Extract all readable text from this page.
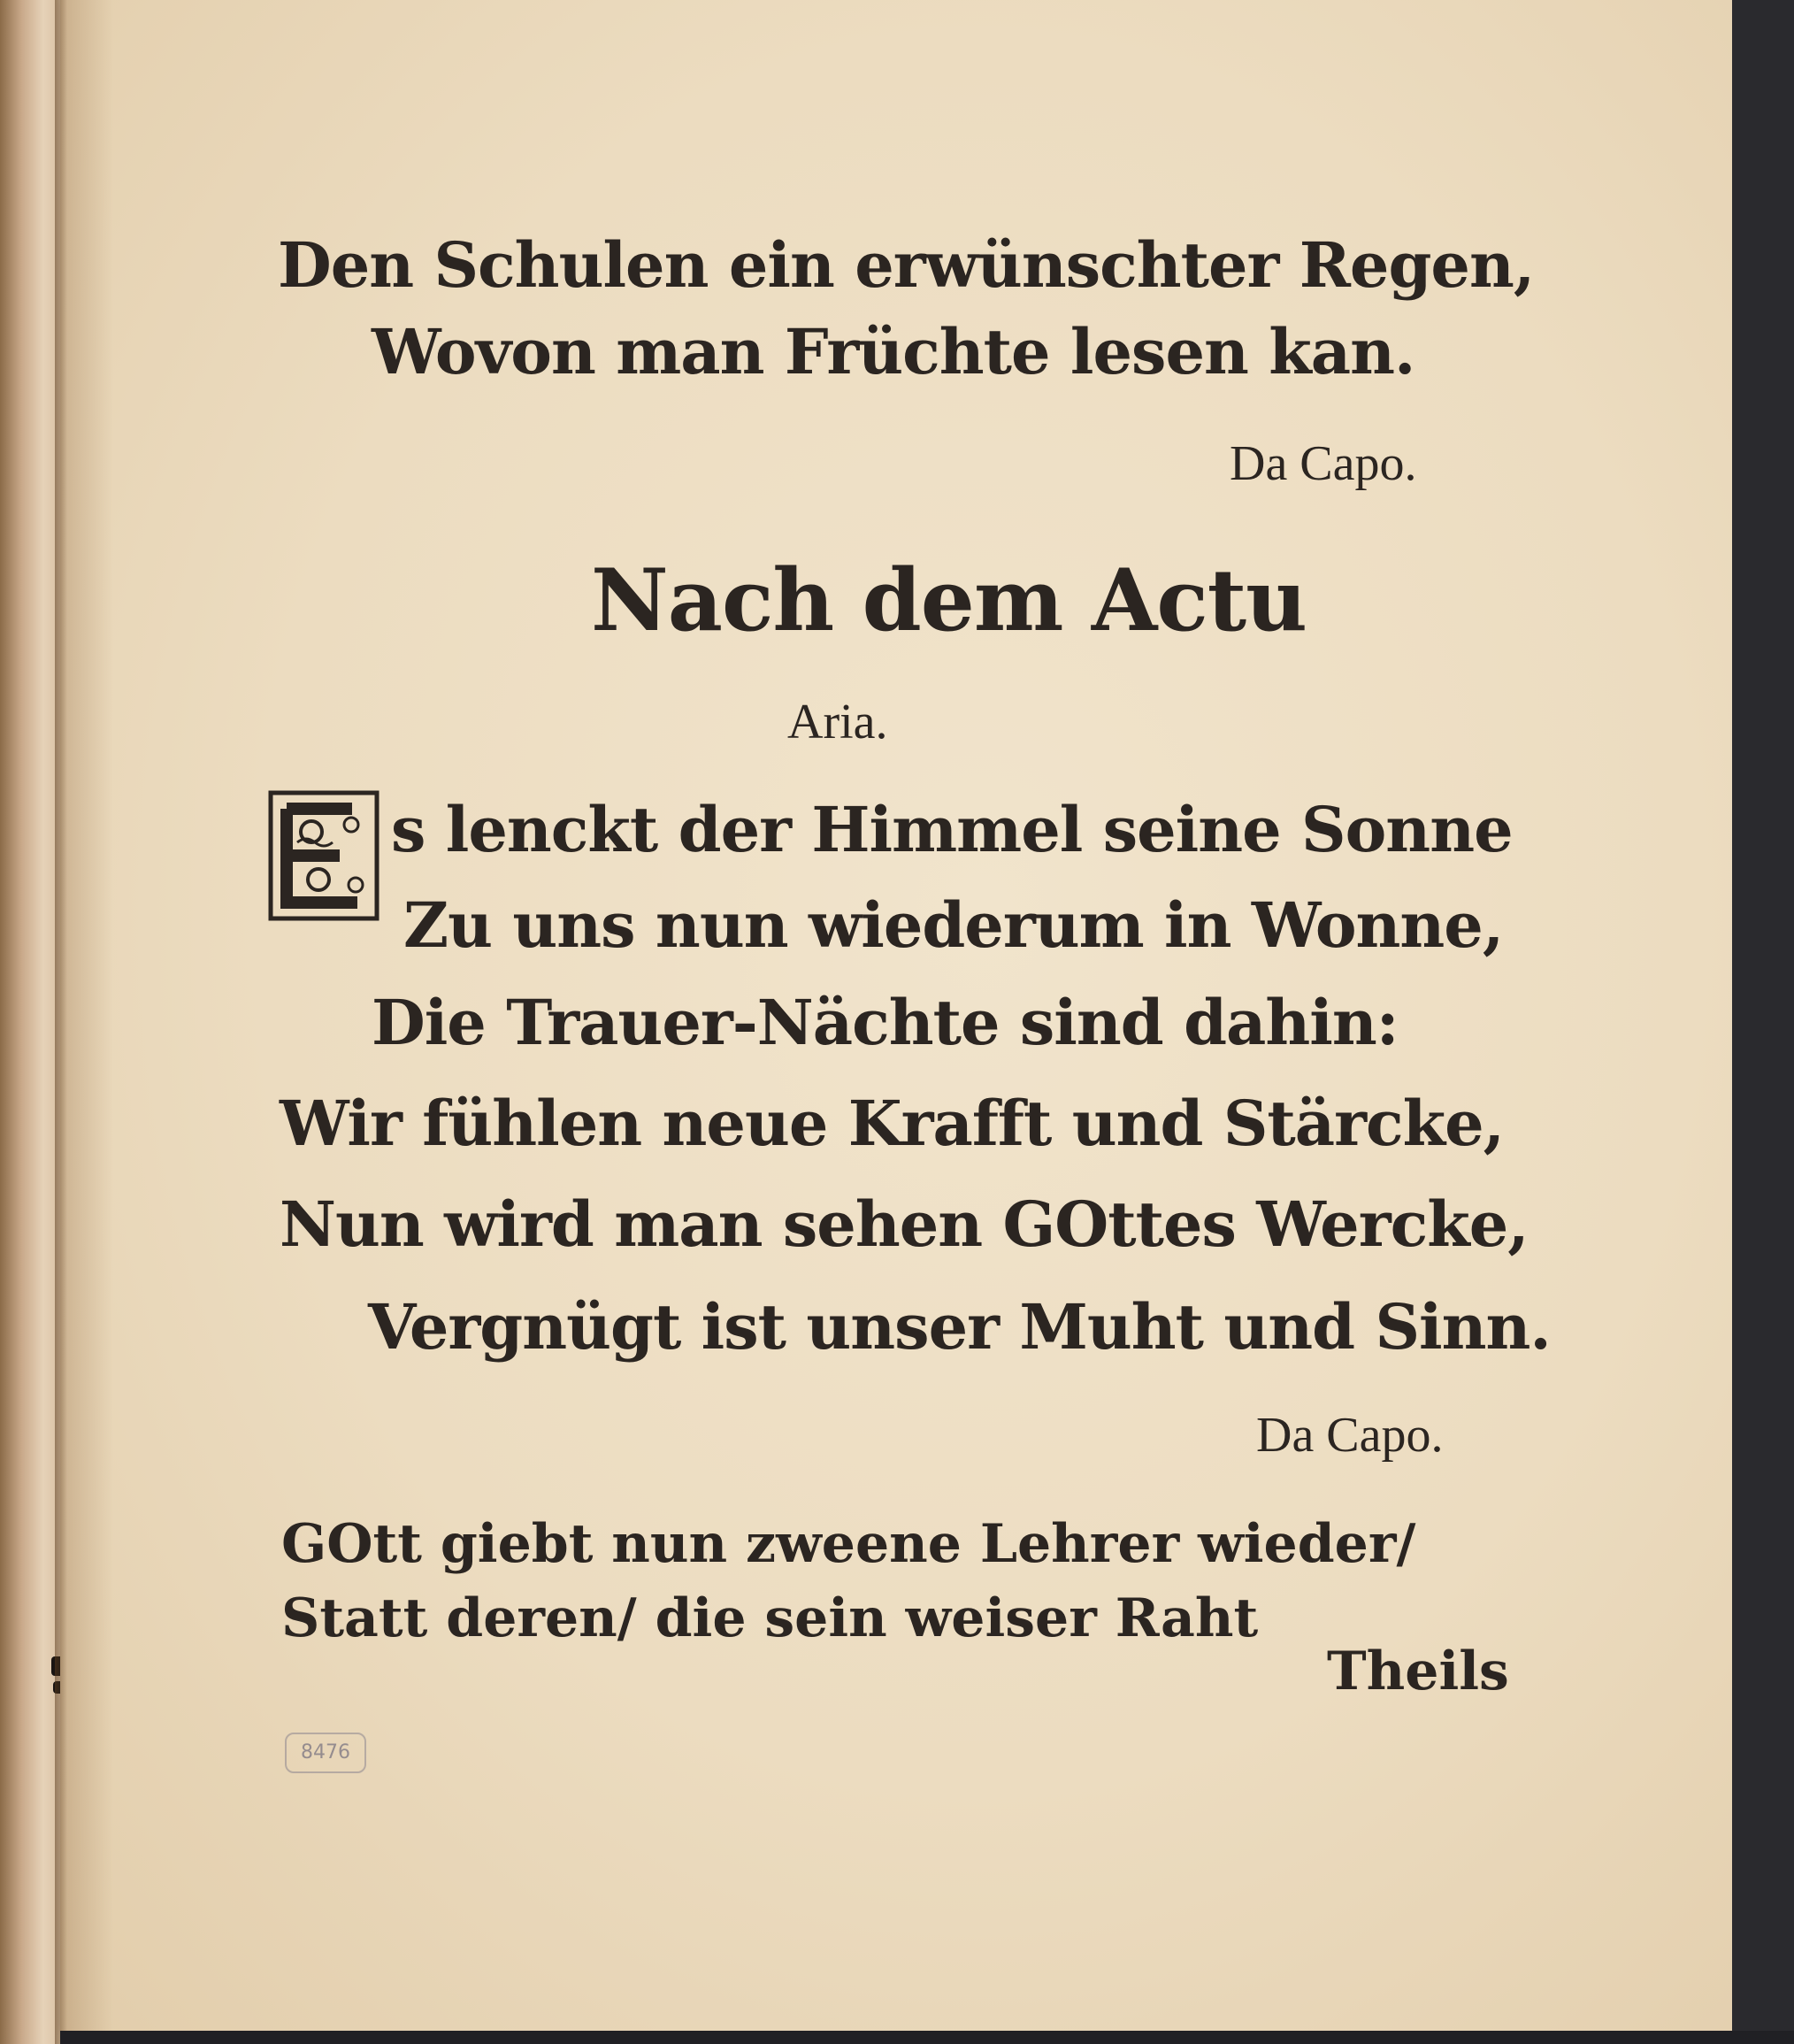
Den Schulen ein erwünschter Regen,
Wovon man Früchte lesen kan.
Da Capo.
Nach dem Actu
Aria.
s lenckt der Himmel seine Sonne
Zu uns nun wiederum in Wonne,
Die Trauer-Nächte sind dahin:
Wir fühlen neue Krafft und Stärcke,
Nun wird man sehen GOttes Wercke,
Vergnügt ist unser Muht und Sinn.
Da Capo.
GOtt giebt nun zweene Lehrer wieder/
Statt deren/ die sein weiser Raht
Theils
8476
